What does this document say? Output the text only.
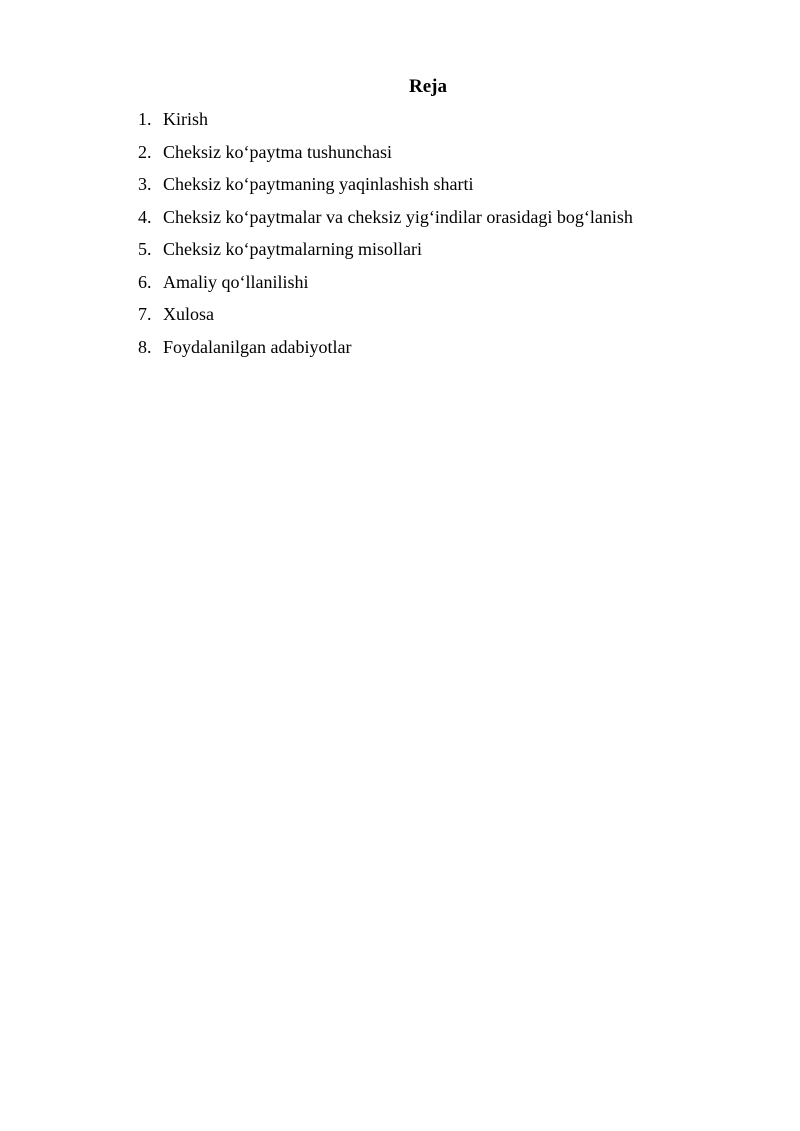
Reja
1. Kirish
2. Cheksiz ko‘paytma tushunchasi
3. Cheksiz ko‘paytmaning yaqinlashish sharti
4. Cheksiz ko‘paytmalar va cheksiz yig‘indilar orasidagi bog‘lanish
5. Cheksiz ko‘paytmalarning misollari
6. Amaliy qo‘llanilishi
7. Xulosa
8. Foydalanilgan adabiyotlar
